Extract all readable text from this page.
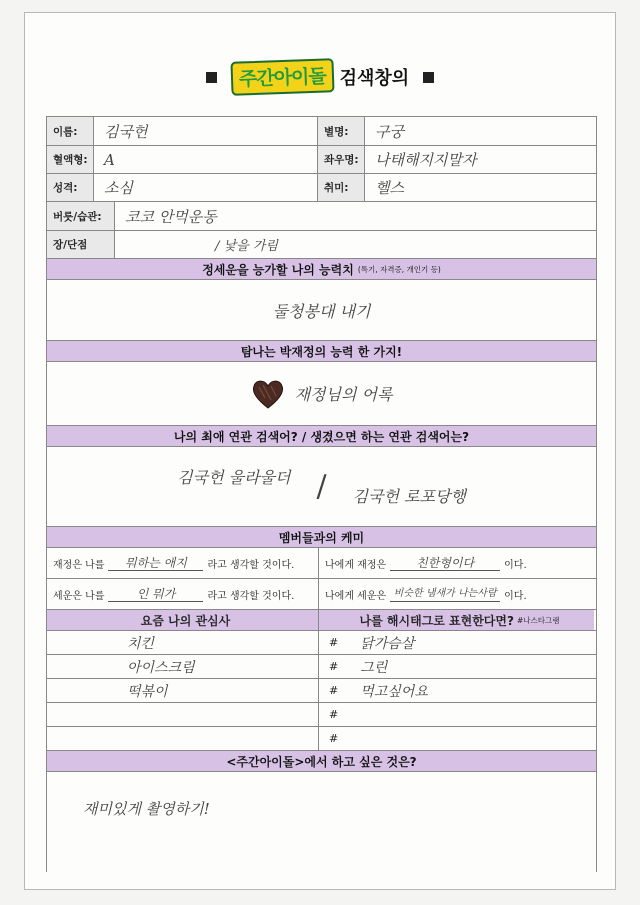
주간아이돌 검색창의
이름:	김국헌	별명:	구궁
혈액형:	A	좌우명:	나태해지지말자
성격:	소심	취미:	헬스
버릇/습관:	코코 안먹운동
장/단점	/ 낯을 가림
정세운을 능가할 나의 능력치 (특기, 자격증, 개인기 등)
둘청봉대 내기
탐나는 박재정의 능력 한 가지!
재정님의 어록
나의 최애 연관 검색어? / 생겼으면 하는 연관 검색어는?
김국헌 울라울더 / 김국헌 로포당행
멤버들과의 케미
재정은 나를	뭐하는 애지	라고 생각할 것이다.	나에게 재정은	친한형이다	이다.
세운은 나를	인 뭐가	라고 생각할 것이다.	나에게 세운은 비슷한 냄새가 나는사람 이다.
요즘 나의 관심사	나를 해시태그로 표현한다면? #나스타그램
치킨	# 닭가슴살
아이스크림	# 그린
떡볶이	# 먹고싶어요
#
#
<주간아이돌>에서 하고 싶은 것은?
재미있게 촬영하기!
